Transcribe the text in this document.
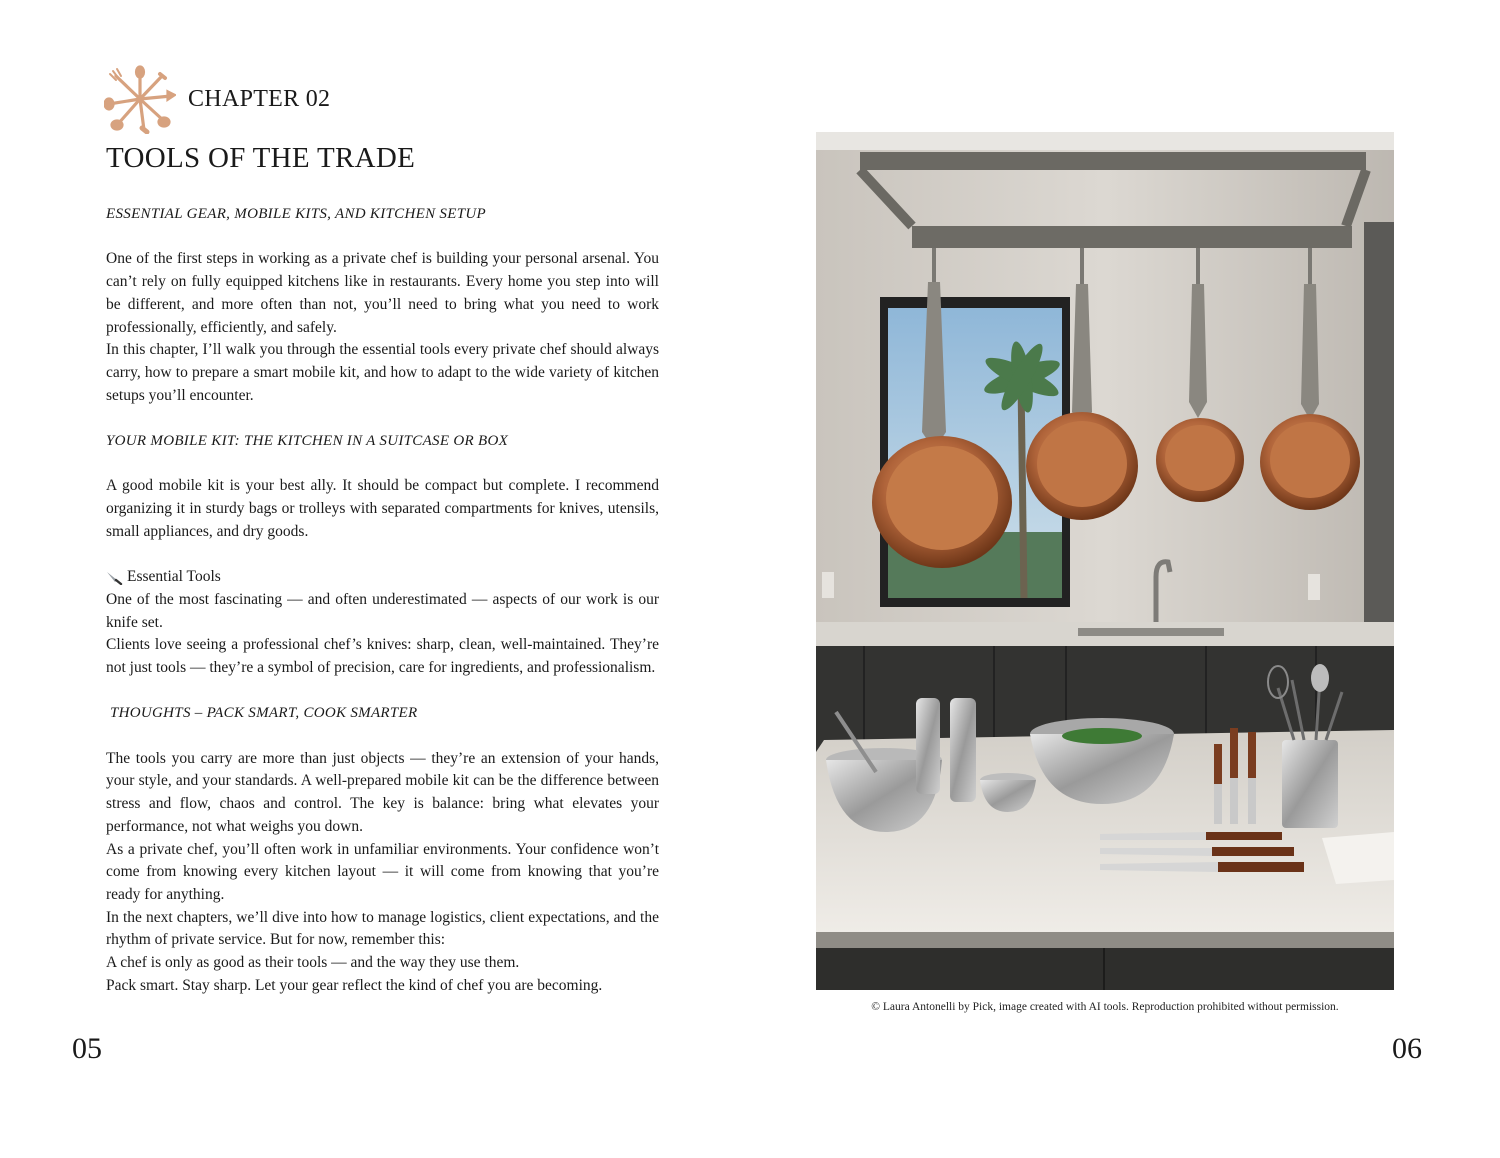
CHAPTER 02
TOOLS OF THE TRADE

ESSENTIAL GEAR, MOBILE KITS, AND KITCHEN SETUP

One of the first steps in working as a private chef is building your personal arsenal. You can’t rely on fully equipped kitchens like in restaurants. Every home you step into will be different, and more often than not, you’ll need to bring what you need to work professionally, efficiently, and safely.

In this chapter, I’ll walk you through the essential tools every private chef should always carry, how to prepare a smart mobile kit, and how to adapt to the wide variety of kitchen setups you’ll encounter.

YOUR MOBILE KIT: THE KITCHEN IN A SUITCASE OR BOX

A good mobile kit is your best ally. It should be compact but complete. I recommend organizing it in sturdy bags or trolleys with separated compartments for knives, utensils, small appliances, and dry goods.

Essential Tools

One of the most fascinating — and often underestimated — aspects of our work is our knife set.

Clients love seeing a professional chef’s knives: sharp, clean, well-maintained. They’re not just tools — they’re a symbol of precision, care for ingredients, and professionalism.

THOUGHTS – PACK SMART, COOK SMARTER

The tools you carry are more than just objects — they’re an extension of your hands, your style, and your standards. A well-prepared mobile kit can be the difference between stress and flow, chaos and control. The key is balance: bring what elevates your performance, not what weighs you down.

As a private chef, you’ll often work in unfamiliar environments. Your confidence won’t come from knowing every kitchen layout — it will come from knowing that you’re ready for anything.

In the next chapters, we’ll dive into how to manage logistics, client expectations, and the rhythm of private service. But for now, remember this:

A chef is only as good as their tools — and the way they use them.

Pack smart. Stay sharp. Let your gear reflect the kind of chef you are becoming.

© Laura Antonelli by Pick, image created with AI tools. Reproduction prohibited without permission.
05	06
